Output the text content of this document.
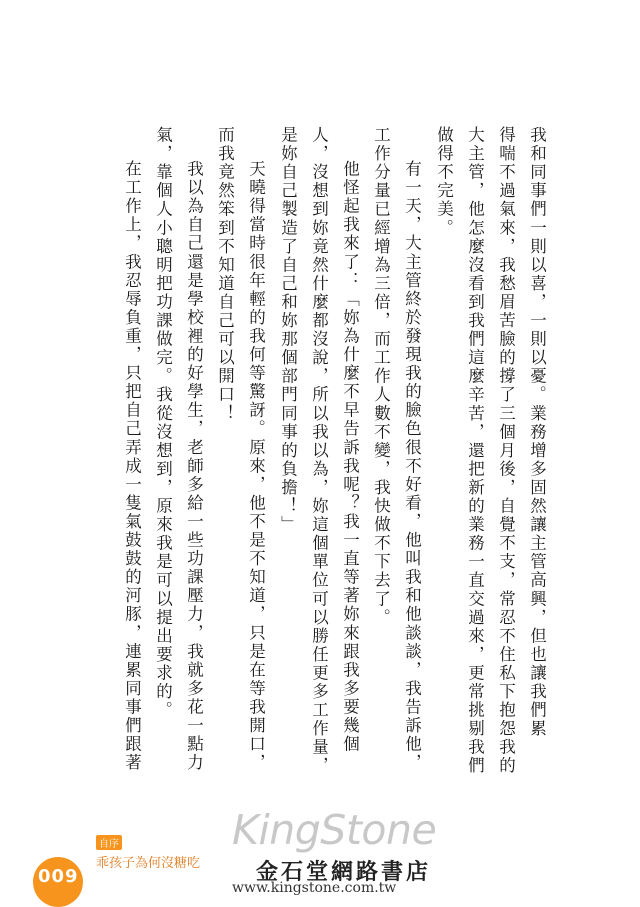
我和同事們一則以喜，一則以憂。業務增多固然讓主管高興，但也讓我們累
得喘不過氣來，我愁眉苦臉的撐了三個月後，自覺不支，常忍不住私下抱怨我的
大主管，他怎麼沒看到我們這麼辛苦，還把新的業務一直交過來，更常挑剔我們
做得不完美。
有一天，大主管終於發現我的臉色很不好看，他叫我和他談談，我告訴他，
工作分量已經增為三倍，而工作人數不變，我快做不下去了。
他怪起我來了：「妳為什麼不早告訴我呢？我一直等著妳來跟我多要幾個
人，沒想到妳竟然什麼都沒說，所以我以為，妳這個單位可以勝任更多工作量，
是妳自己製造了自己和妳那個部門同事的負擔！」
天曉得當時很年輕的我何等驚訝。原來，他不是不知道，只是在等我開口，
而我竟然笨到不知道自己可以開口！
我以為自己還是學校裡的好學生，老師多給一些功課壓力，我就多花一點力
氣，靠個人小聰明把功課做完。我從沒想到，原來我是可以提出要求的。
在工作上，我忍辱負重，只把自己弄成一隻氣鼓鼓的河豚，連累同事們跟著
KingStone
金石堂網路書店
www.kingstone.com.tw
自序
乖孩子為何沒糖吃
009
